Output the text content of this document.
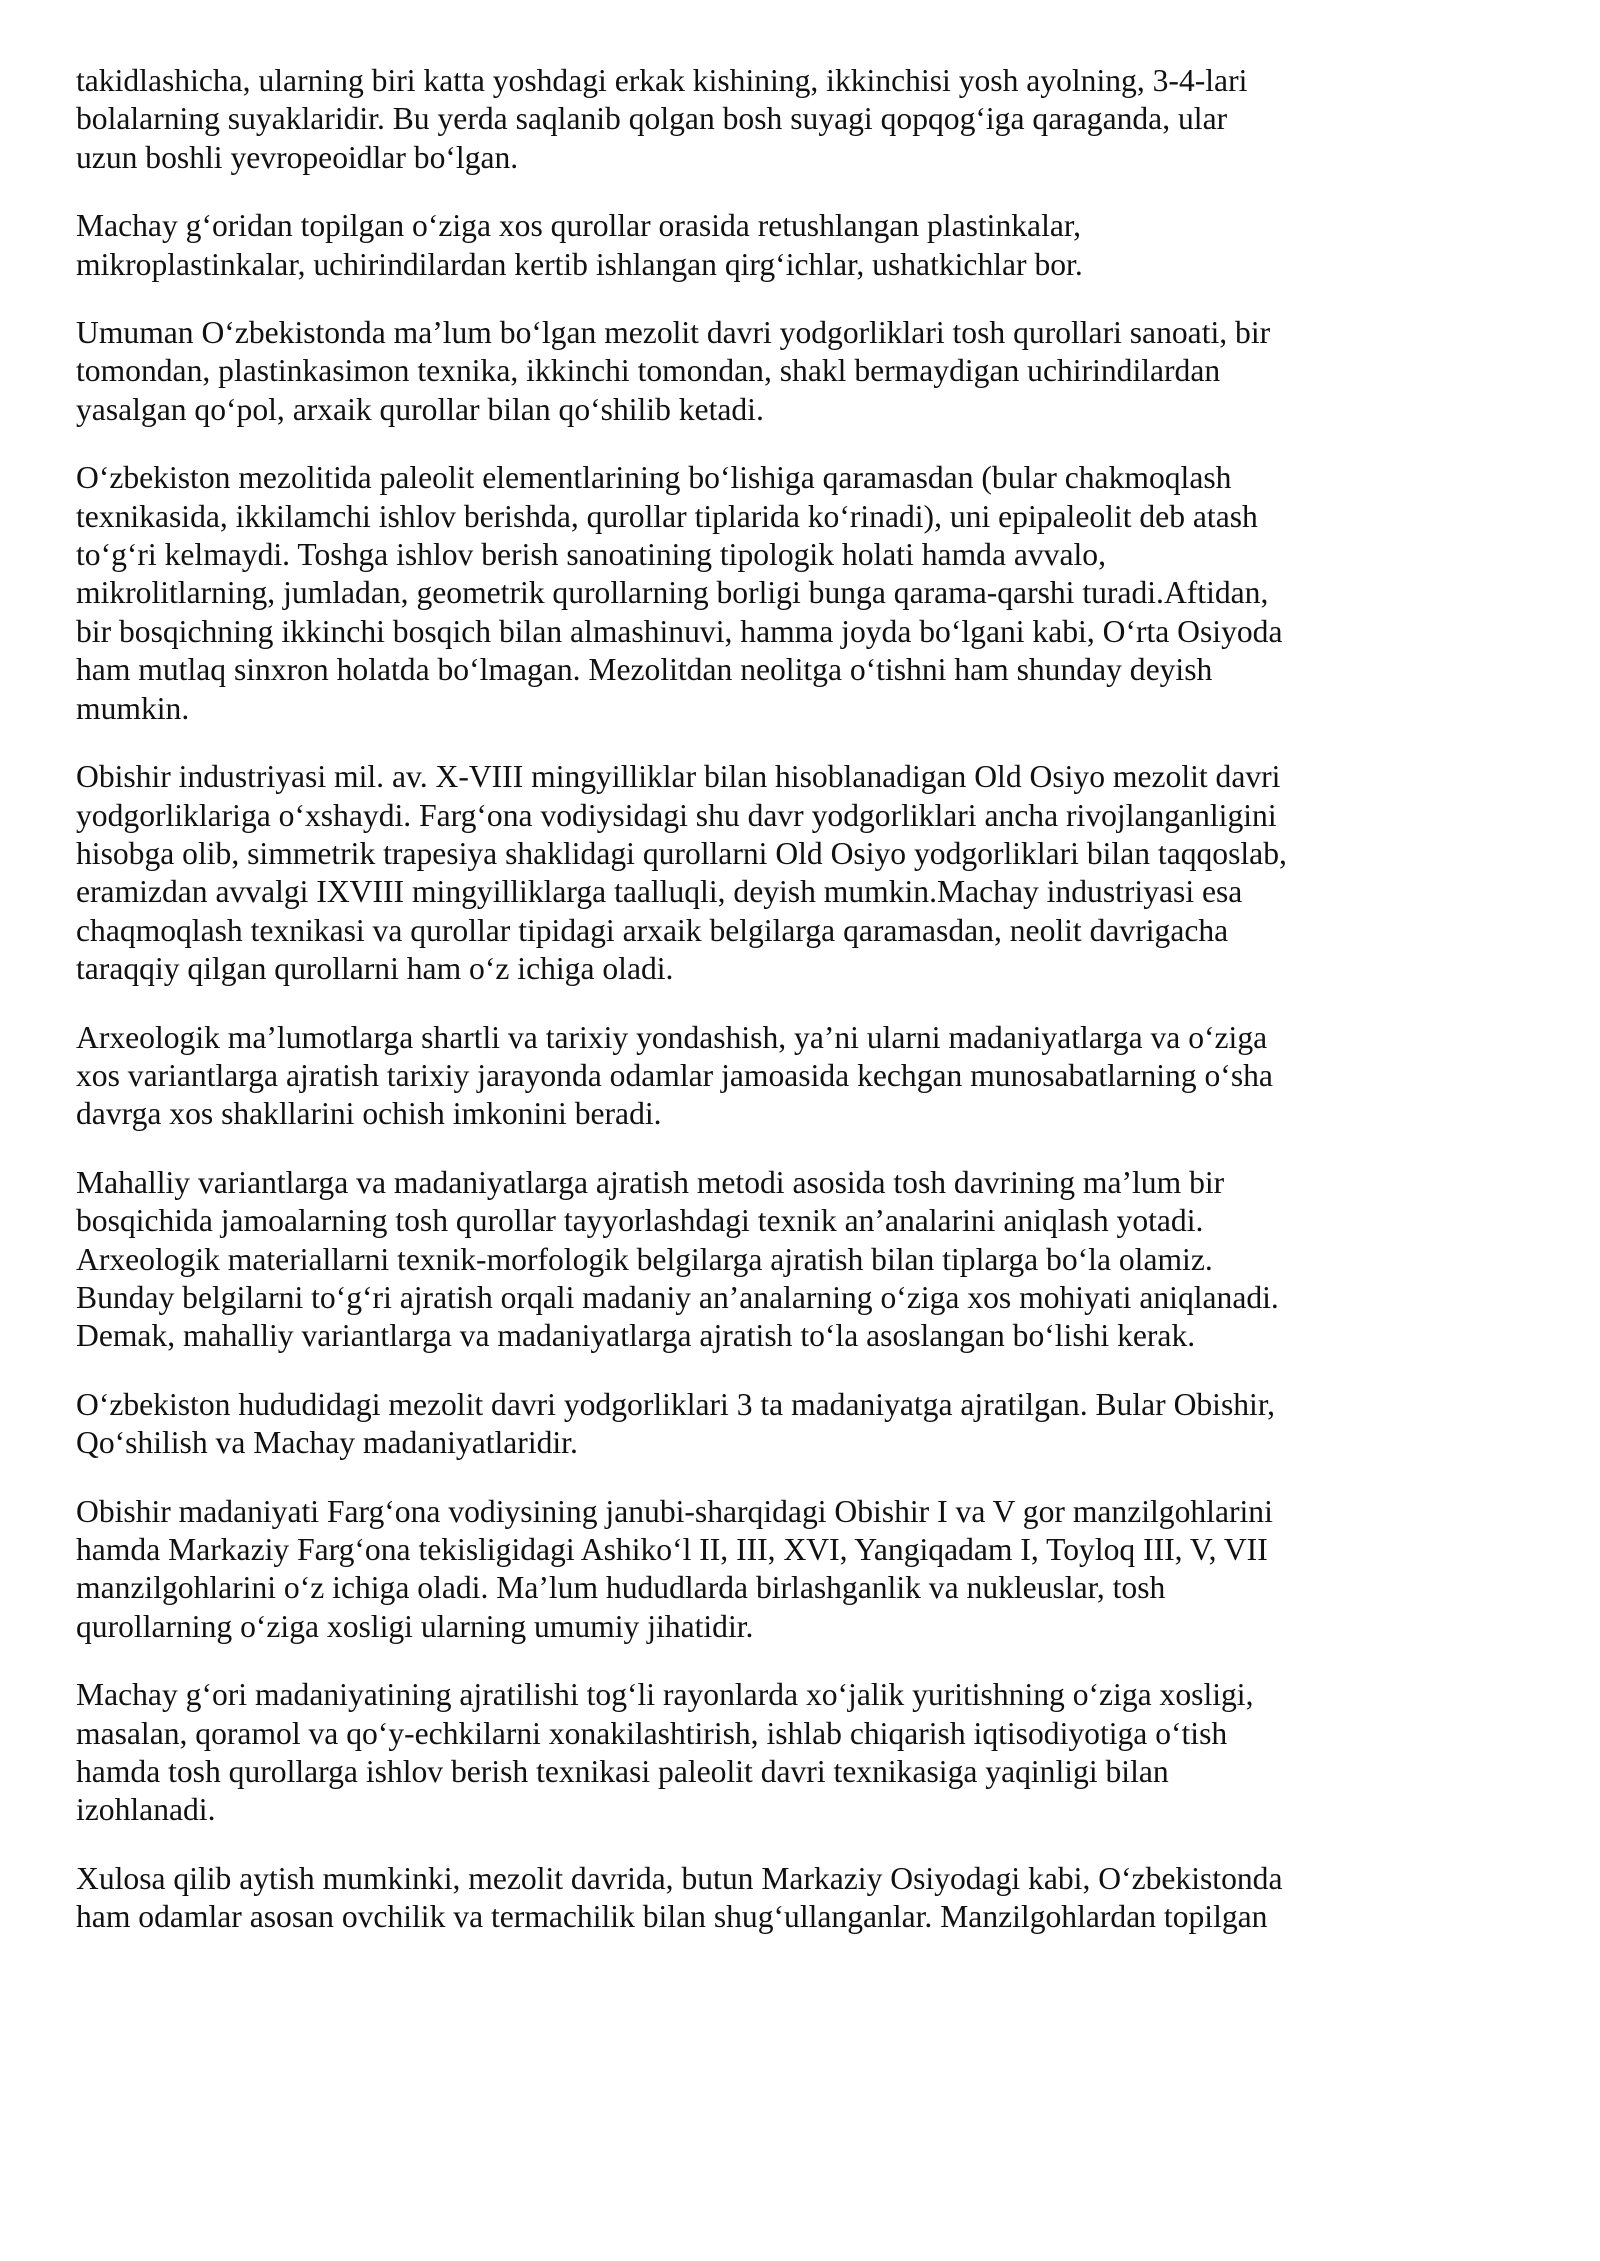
takidlashicha, ularning biri katta yoshdagi erkak kishining, ikkinchisi yosh ayolning, 3-4-lari
bolalarning suyaklaridir. Bu yerda saqlanib qolgan bosh suyagi qopqog‘iga qaraganda, ular
uzun boshli yevropeoidlar bo‘lgan.
Machay g‘oridan topilgan o‘ziga xos qurollar orasida retushlangan plastinkalar,
mikroplastinkalar, uchirindilardan kertib ishlangan qirg‘ichlar, ushatkichlar bor.
Umuman O‘zbekistonda ma’lum bo‘lgan mezolit davri yodgorliklari tosh qurollari sanoati, bir
tomondan, plastinkasimon texnika, ikkinchi tomondan, shakl bermaydigan uchirindilardan
yasalgan qo‘pol, arxaik qurollar bilan qo‘shilib ketadi.
O‘zbekiston mezolitida paleolit elementlarining bo‘lishiga qaramasdan (bular chakmoqlash
texnikasida, ikkilamchi ishlov berishda, qurollar tiplarida ko‘rinadi), uni epipaleolit deb atash
to‘g‘ri kelmaydi. Toshga ishlov berish sanoatining tipologik holati hamda avvalo,
mikrolitlarning, jumladan, geometrik qurollarning borligi bunga qarama-qarshi turadi.Aftidan,
bir bosqichning ikkinchi bosqich bilan almashinuvi, hamma joyda bo‘lgani kabi, O‘rta Osiyoda
ham mutlaq sinxron holatda bo‘lmagan. Mezolitdan neolitga o‘tishni ham shunday deyish
mumkin.
Obishir industriyasi mil. av. X-VIII mingyilliklar bilan hisoblanadigan Old Osiyo mezolit davri
yodgorliklariga o‘xshaydi. Farg‘ona vodiysidagi shu davr yodgorliklari ancha rivojlanganligini
hisobga olib, simmetrik trapesiya shaklidagi qurollarni Old Osiyo yodgorliklari bilan taqqoslab,
eramizdan avvalgi IXVIII mingyilliklarga taalluqli, deyish mumkin.Machay industriyasi esa
chaqmoqlash texnikasi va qurollar tipidagi arxaik belgilarga qaramasdan, neolit davrigacha
taraqqiy qilgan qurollarni ham o‘z ichiga oladi.
Arxeologik ma’lumotlarga shartli va tarixiy yondashish, ya’ni ularni madaniyatlarga va o‘ziga
xos variantlarga ajratish tarixiy jarayonda odamlar jamoasida kechgan munosabatlarning o‘sha
davrga xos shakllarini ochish imkonini beradi.
Mahalliy variantlarga va madaniyatlarga ajratish metodi asosida tosh davrining ma’lum bir
bosqichida jamoalarning tosh qurollar tayyorlashdagi texnik an’analarini aniqlash yotadi.
Arxeologik materiallarni texnik-morfologik belgilarga ajratish bilan tiplarga bo‘la olamiz.
Bunday belgilarni to‘g‘ri ajratish orqali madaniy an’analarning o‘ziga xos mohiyati aniqlanadi.
Demak, mahalliy variantlarga va madaniyatlarga ajratish to‘la asoslangan bo‘lishi kerak.
O‘zbekiston hududidagi mezolit davri yodgorliklari 3 ta madaniyatga ajratilgan. Bular Obishir,
Qo‘shilish va Machay madaniyatlaridir.
Obishir madaniyati Farg‘ona vodiysining janubi-sharqidagi Obishir I va V gor manzilgohlarini
hamda Markaziy Farg‘ona tekisligidagi Ashiko‘l II, III, XVI, Yangiqadam I, Toyloq III, V, VII
manzilgohlarini o‘z ichiga oladi. Ma’lum hududlarda birlashganlik va nukleuslar, tosh
qurollarning o‘ziga xosligi ularning umumiy jihatidir.
Machay g‘ori madaniyatining ajratilishi tog‘li rayonlarda xo‘jalik yuritishning o‘ziga xosligi,
masalan, qoramol va qo‘y-echkilarni xonakilashtirish, ishlab chiqarish iqtisodiyotiga o‘tish
hamda tosh qurollarga ishlov berish texnikasi paleolit davri texnikasiga yaqinligi bilan
izohlanadi.
Xulosa qilib aytish mumkinki, mezolit davrida, butun Markaziy Osiyodagi kabi, O‘zbekistonda
ham odamlar asosan ovchilik va termachilik bilan shug‘ullanganlar. Manzilgohlardan topilgan
